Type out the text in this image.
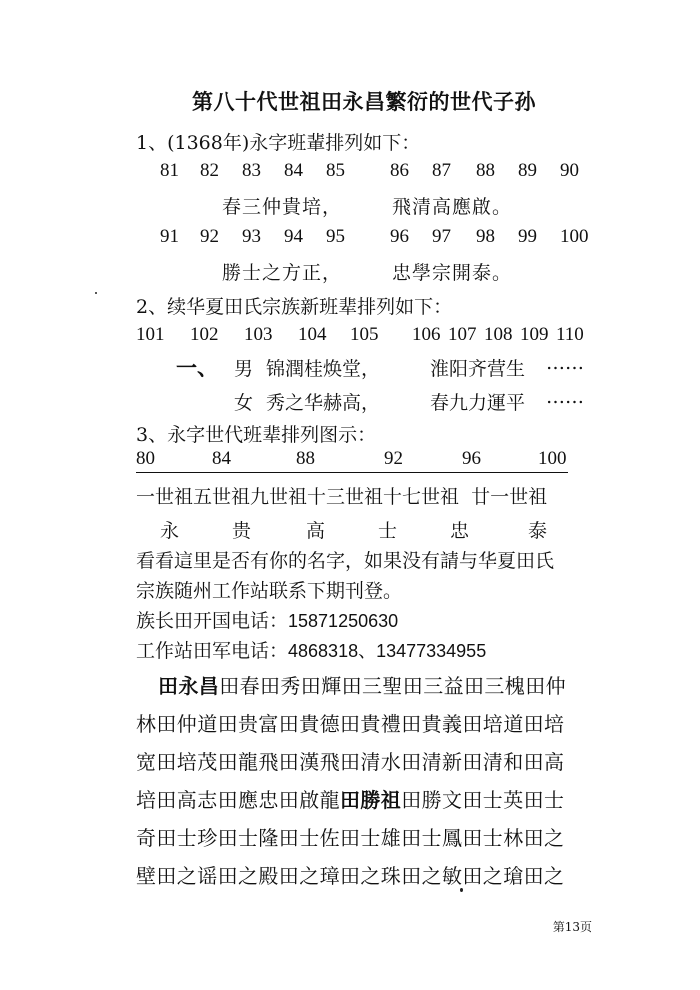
第八十代世祖田永昌繁衍的世代子孙
1、(1368年)永字班輩排列如下：
81 82 83 84 85 86 87 88 89 90
春三仲貴培，	飛清高應啟。
91 92 93 94 95 96 97 98 99 100
勝士之方正，	忠學宗開泰。
2、续华夏田氏宗族新班辈排列如下：
101 102 103 104 105 106 107 108 109 110
一、 男 锦潤桂焕堂，	淮阳齐营生 ……
女 秀之华赫高，	春九力運平 ……
3、永字世代班辈排列图示：
80	84	88	92	96	100
一世祖五世祖九世祖十三世祖十七世祖  廿一世祖
永	贵	高	士	忠	泰
看看這里是否有你的名字，如果没有請与华夏田氏
宗族随州工作站联系下期刊登。
族长田开国电话：15871250630
工作站田军电话：4868318、13477334955
田永昌田春田秀田輝田三聖田三益田三槐田仲
林田仲道田贵富田貴德田貴禮田貴義田培道田培
宽田培茂田龍飛田漢飛田清水田清新田清和田高
培田高志田應忠田啟龍田勝祖田勝文田士英田士
奇田士珍田士隆田士佐田士雄田士鳳田士林田之
壁田之谣田之殿田之璋田之珠田之敏田之瑲田之
第13页
